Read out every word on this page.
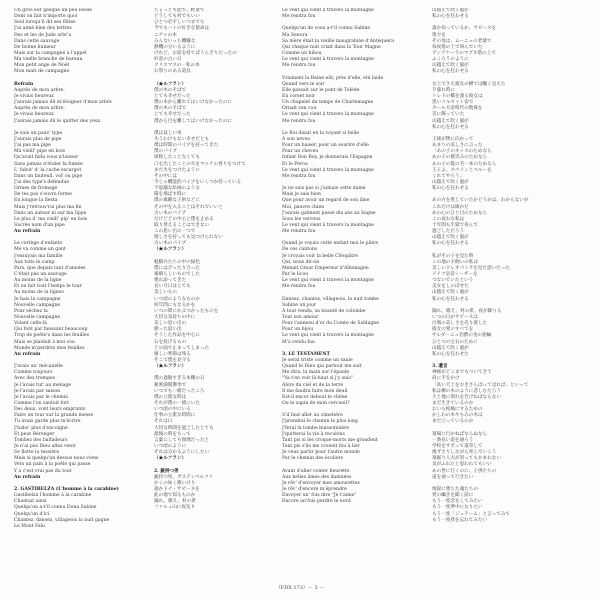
Un gros eur gesque un peu lessie
Dont on fait n'importe quoi
Seul lorsqu'il dit ses flûtes
J'ai aimé bien des lettres
Des et les de Jude arbr'a
Dans cette sauvage
De bonne humeur
Mais sur la campagne à l'appel
Ma vieille branche de bureau
Mon petit ange de Noël
Mon mari de campagne
Refrain
Auprès de mon arbre,
Je vivais heureux
J'aurais jamais dû m'éloigner d'mon arbre
Auprès de mon arbre,
Je vivais heureux
J'aurais jamais dû le quitter des yeux
Je suis un pauv' type
J'aurais plus de pipe
J'ai pas ma pipe
Ma vieill' pipe en bois
Qu'avait fallu vous n'laisser
Sans jamais n'étaler la fumée
L' fabut' d' la cache escargot
Dans un fauteuil, vol' ou pipe
J'ai des type's défendue
Ormes de fromage
De tes pas s'ouvre forme
En longue la fiesta
Mais j'retrouv'rai plus ma fin
Dans un auteur ni sur ma lippe
Le plus d' ma vieill' pip' en bois
Sacrée nom d'un pipe
Au refrain
Le cortège d'enfants
Me va comme un gant
J'essuyais ma famille
Aux toits le camp
Pars, que depuis tant d'années
C'était pas un sauvage
Au moins de la ligne
Et on fait tout l'temps le tour
Au moins de la lignes
Je hais la campagne
Nouvelle campagne
Pour séchez la
Nouvelle campagne
Volant celle-là
Qui font par faussant beaucoup
Trop de poète's dans les feuilles
Mais se plaidait à moi cou
Monde m'perdrez mes feuilles
Au refrain
J'avais un' mécanelle
Comme toujours
Avec des trempes
Je l'avais tut' au ménage
Je l'avais par saison
Je l'avais par le chemin
Comme l'on sautait fort
Des deux, vont leurs emprunts
Faire un tour sur la grande messe
Tu avais garde plus m'écrire
J'habo' plus d'encoigné
Et peut Bérenger
Tombez des balfadeurs
Je n'ai pas Dieu allez venir
Se flotte la tessière
Mais si quelqu'un dessus nous viens
Vers un pain à la poêle qui passe
Y a c'est vrai pas du tout
Au refrain
2. GASTIBELZA (L'homme à la carabine)
Gastibelza l'homme à la carabine
Chantait ainsi
Quelqu'un a-t'il connu Dona Sabine
Quelqu'un d'ici
Chantez, dansez, villageois la nuit gagne
Le Mont Falu
ちょっと可能で、野蛮で
どうしても何でもいい
ひとつ必ずしいつまでも
今でもハトの好きな使命は
ニチャの木
みんないっち機嫌な
静機の分いるように
けれど、お前を持てばうんざりだったの
好意の古い日
クリスマスの一私の木
お祭りのある道具
（★ルフラン）
僕の木のそばで
とても幸せだった
僕の木から離れてはいけなかったのに
僕の木のそばで
とても幸せだった
僕から目を離してはいけなかったのに
僕は貧しい男
失うわけもない幸せだとも
僕は時間のパイプを持ってきた
僕のパイプ
掃除したことなくても
口を出したことの火をマッチの香りをつけて
まだ火をつけたように
その中には
今じゃ機能的パイプをいくつか持っている
不思議な絵画のような
陽を飛ばす時に
僕の素敵な子供などに
その中を入ることはそれでいいと
古い木のパイプ
だけどどの中心と僕を止める
取り替えることはできない
この思い出の一つで
増しさを持っても見つけられない
古い木のパイプ
（★ルフラン）
軽騎兵たちの中の緑色
僕にはぴったり合った
素晴らしいものでした
連れ添ってきた
長い月日はとても
美しいもの
いつ頃のようなものか
何年間にもなるかを
いつの間にかぶつかったものを
大切な気持ちの中に
美しい思い出の
歌った思い出
そうした作品を中心に
石を投げるもの
どの面で止まってしまった
嬉しい季節は残る
そこで僕を見守る
（★ルフラン）
僕の過敏すぎる本棚の日
秘密満開選挙で
いつでも一緒だったころ
僕の立派な時は
それが僕の一緒にいた
いつ頃の中にいる
仕事の立派な時間に
それは日
大切な時間を過ごしたとても
最後の時をもって
言葉にしても無理だったと
いつ頃のように
それは分かるようにしたい
（★ルフラン）
2. 銃持つ男
銃持つ男、ガスティベルツァ
かくの如く歌いけり
誰かドナ・サビーヌを
此の地で知るものか
踊れ、歌え、村の衆
ファルュ山に夜迫り
Le vent qui vient à travers la montagne
Me rendra fou
Quelqu'un de vous a-t'il connu Sabine
Ma Senora
Sa mère était la vieille maugrabine d'Antéquera
Qui chaque nuit criait dans la Tour Magne
Comme un hibou
Le vent qui vient à travers la montagne
Me rendra fou
Vraiment la Reine eût, près d'elle, été laide
Quand vers le soir
Elle passait sur le pont de Tolède
En corset noir
Un chapelet du temps de Charlemagne
Ornait son cou
Le vent qui vient à travers la montagne
Me rendra fou
Le Roi disait en la voyant si belle
À son neveu
Pour un baiser, pour un sourire d'elle
Pour un cheveu
Infant Don Roy, je donnerais l'Espagne
Et le Pérou
Le vent qui vient à travers la montagne
Me rendra fou
Je ne sais pas si j'aimais cette dame
Mais je sais bien
Que pour avoir un regard de son âme
Moi, pauvre chien
J'aurais gaîment passé dix ans au bagne
Sous les verrous
Le vent qui vient à travers la montagne
Me rendra fou
Quand je voyais cette enfant moi le pâtre
De ces cantons
Je croyais voir la belle Cléopâtre
Qui, nous dit-on
Menait César Empereur d'Allemagne
Par le licou
Le vent qui vient à travers la montagne
Me rendra fou
Dansez, chantez, villageois, la nuit tombe
Sabine un jour
A tout vendu, sa beauté de colombe
Tout son amour
Pour l'anneau d'or du Comte de Saldagne
Pour un bijou
Le vent qui vient à travers la montagne
M'a rendu fou
3. LE TESTAMENT
Je serai triste comme un saule
Quand le Dieu qui partout me suit
Me dira, la main sur l'épaule
"Va t'en voir là-haut si j'y suis"
Alors du ciel et de la terre
Il me faudra faire mon deuil
Est-il encor debout le chêne
Ou le sapin de mon cercueil?
S'il faut aller au cimetière
J'prendrai le chemin le plus long
J'ferai la tombe buissonnière
J'quitterai la vie à reculons
Tant pis si les croque-morts me grondent
Tant pis s'ils me croient fou à lier
Je veux partir pour l'autre monde
Par le chemin des écoliers
Avant d'aller conter fleurette
Aux belles âmes des damnées
Je rêv' d'envoyer mes amourettes
Je rêv' d'encore m'éprendre
Envoyer un' fois dire "Je t'aime"
Encore un'fois perdre le nord
山越えて吹く風が
私の心を狂わせる
誰か知っているか、サビーヌを
奥方を
その母は、ムーニュの老婆で
毎夜塔の上で叫んでいた
アンテケーラのマグネ塔の上で
ふくろうのように
山越えて吹く風が
私の心を狂わせる
女王でさえ彼女の横では醜く見えた
夕暮れ時に
トレドの橋を渡る彼女は
黒いコルセット姿で
カール大帝時代の数珠を
首に飾っていた
山越えて吹く風が
私の心を狂わせる
王様が甥に向かって
あまりの美しさに言った
「あの子のキッスのためなら
あの子の微笑みのためなら
あの子の髪の毛一本のためなら
王子よ、スペインとペルーを
くれてやろう」
山越えて吹く風が
私の心を狂わせる
あの方を愛していたかどうかは、わからないが
これだけは確かだ
あの心のひと目のためなら
この哀れな私は
十年間も牢獄で喜んで
過ごしただろう
山越えて吹く風が
私の心を狂わせる
私がその子を見た時
この地の羊飼いの私は
美しいクレオパトラを見た思いだった
ドイツ皇帝シーザーを
つないでいたという
美女をしのばせた
山越えて吹く風が
私の心を狂わせる
踊れ、歌え、村の衆、夜が降りる
いつの日かサビーヌは
白鳩の美しさを売り渡した
彼女の愛のすべてを
サルダーニュ伯爵の金の指輪
ひとつの宝石のために
山越えて吹く風が
私の心を狂わせた
3. 遺言
神様がどこまでもついてきて
肩に手をかけ
「高い天上をおきさらばって見れば」といって
私は柳の木のように悲しむだろう
天と地に別れを告げねばならない
まだ生きているのか
おいら棺桶にするための
かしわの木やもみの木は
まだ立っているのか
墓場に行かねばならぬなら
一番長い道を通ろう
学校をサボって道草して
後ずさりしながら死んでいこう
墓掘り人夫が怒ってもかまわない
気がふれたと思われてもいい
あの世に行くのに、子供たちの
道を通って行きたい
地獄に堕ちた魂たちの
愛の囁きを聞く前に
もう一度恋をしてみたい
もう一度夢中になりたい
もう一度「ジュテーム」と言ってみて
もう一度我を忘れてみたい
（FDX 173）－ 3 －
